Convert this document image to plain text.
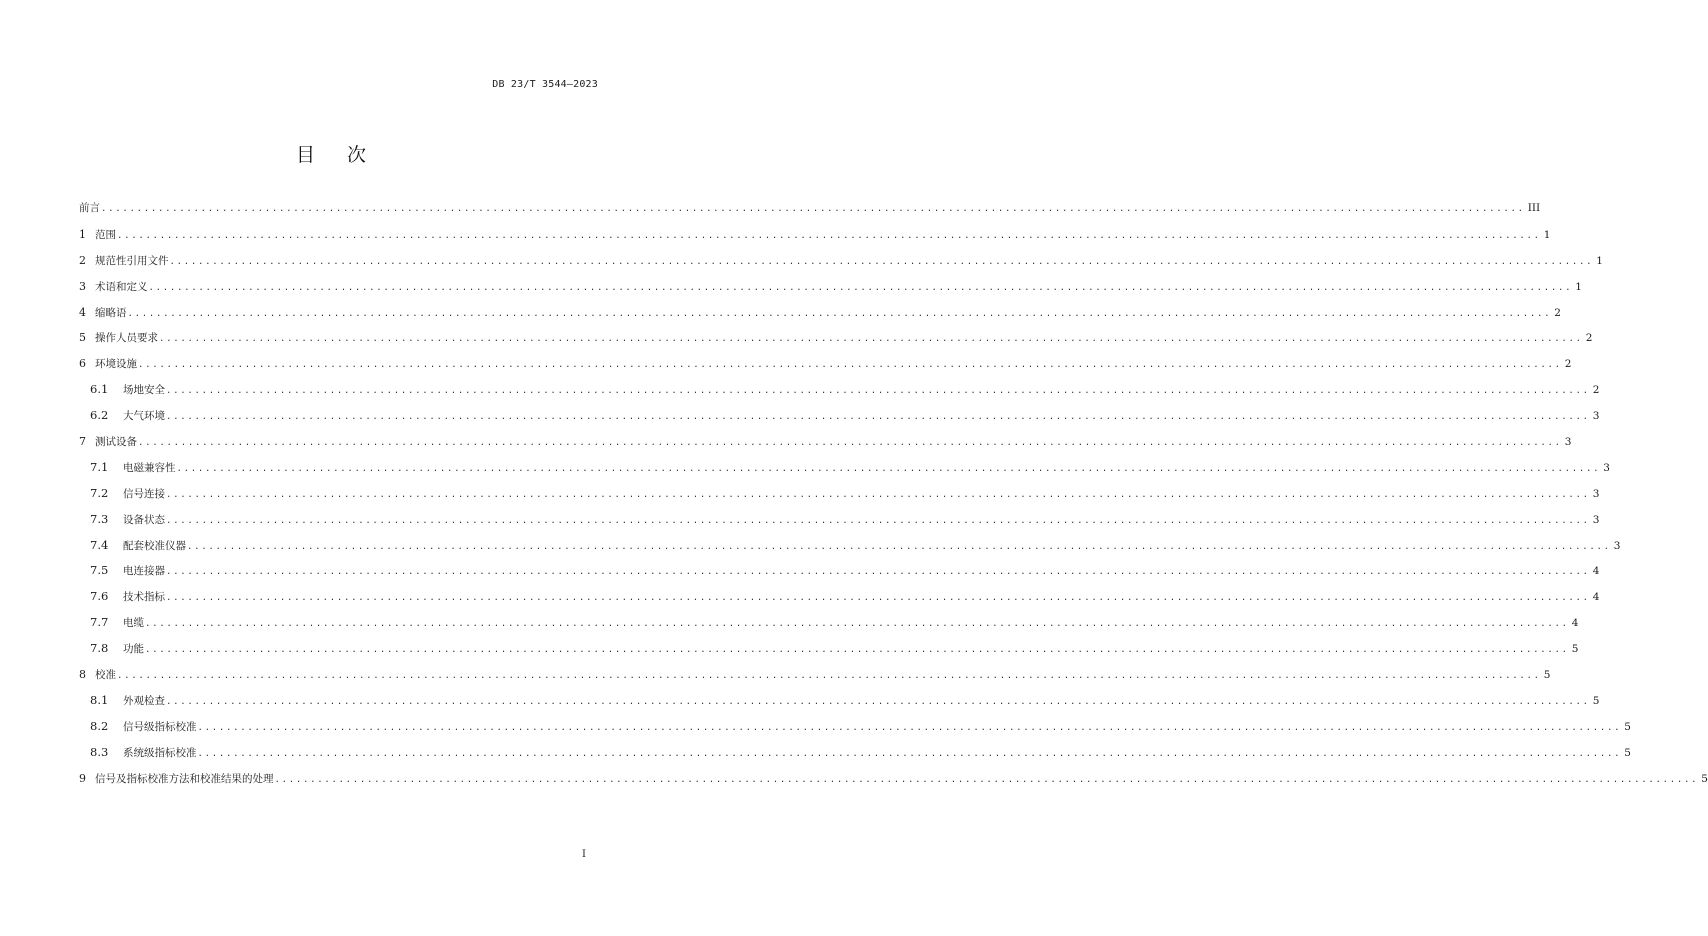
DB 23/T 3544—2023
目次
前言 ........................................................................................................................................................................................................ III
1 范围 ........................................................................................................................................................................................................ 1
2 规范性引用文件 ........................................................................................................................................................................................................ 1
3 术语和定义 ........................................................................................................................................................................................................ 1
4 缩略语 ........................................................................................................................................................................................................ 2
5 操作人员要求 ........................................................................................................................................................................................................ 2
6 环境设施 ........................................................................................................................................................................................................ 2
6.1	场地安全 ........................................................................................................................................................................................................ 2
6.2	大气环境 ........................................................................................................................................................................................................ 3
7 测试设备 ........................................................................................................................................................................................................ 3
7.1	电磁兼容性 ........................................................................................................................................................................................................ 3
7.2	信号连接 ........................................................................................................................................................................................................ 3
7.3	设备状态 ........................................................................................................................................................................................................ 3
7.4	配套校准仪器 ........................................................................................................................................................................................................ 3
7.5	电连接器 ........................................................................................................................................................................................................ 4
7.6	技术指标 ........................................................................................................................................................................................................ 4
7.7	电缆 ........................................................................................................................................................................................................ 4
7.8	功能 ........................................................................................................................................................................................................ 5
8 校准 ........................................................................................................................................................................................................ 5
8.1	外观检查 ........................................................................................................................................................................................................ 5
8.2	信号级指标校准 ........................................................................................................................................................................................................ 5
8.3	系统级指标校准 ........................................................................................................................................................................................................ 5
9 信号及指标校准方法和校准结果的处理 ........................................................................................................................................................................................................ 5
I
